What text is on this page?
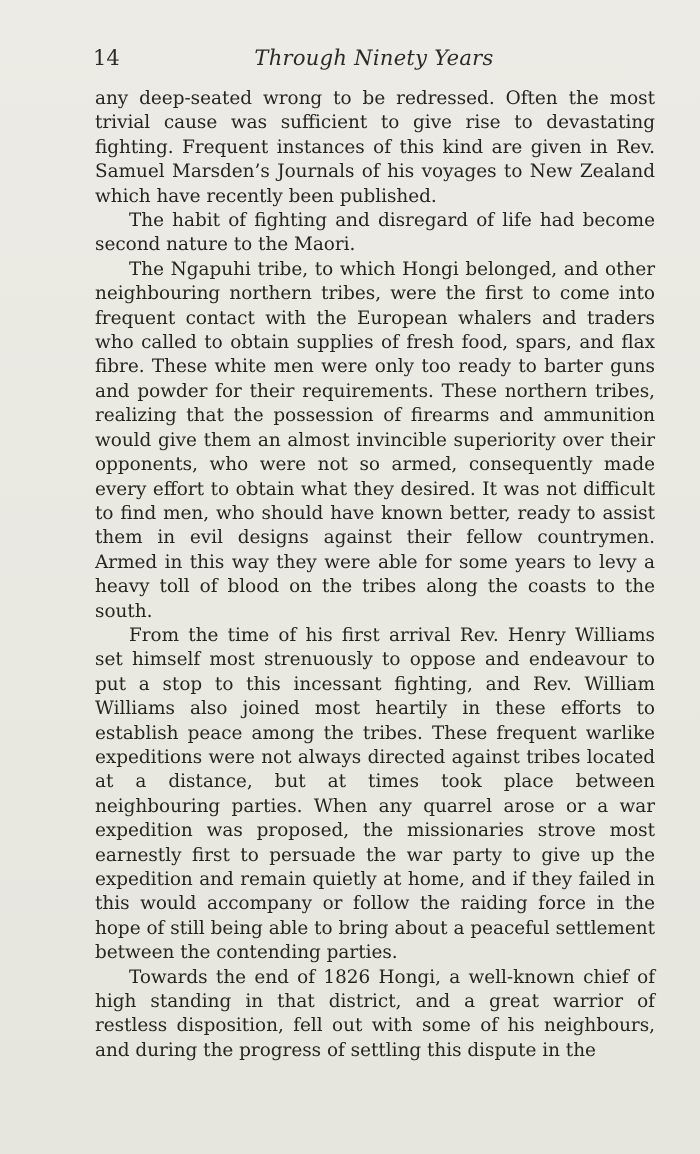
14	Through Ninety Years

any deep-seated wrong to be redressed. Often the most trivial cause was sufficient to give rise to devastating fighting. Frequent instances of this kind are given in Rev. Samuel Marsden’s Journals of his voyages to New Zealand which have recently been published.

The habit of fighting and disregard of life had become second nature to the Maori.

The Ngapuhi tribe, to which Hongi belonged, and other neighbouring northern tribes, were the first to come into frequent contact with the European whalers and traders who called to obtain supplies of fresh food, spars, and flax fibre. These white men were only too ready to barter guns and powder for their requirements. These northern tribes, realizing that the possession of firearms and ammunition would give them an almost invincible superiority over their opponents, who were not so armed, consequently made every effort to obtain what they desired. It was not difficult to find men, who should have known better, ready to assist them in evil designs against their fellow countrymen. Armed in this way they were able for some years to levy a heavy toll of blood on the tribes along the coasts to the south.

From the time of his first arrival Rev. Henry Williams set himself most strenuously to oppose and endeavour to put a stop to this incessant fighting, and Rev. William Williams also joined most heartily in these efforts to establish peace among the tribes. These frequent warlike expeditions were not always directed against tribes located at a distance, but at times took place between neighbouring parties. When any quarrel arose or a war expedition was proposed, the missionaries strove most earnestly first to persuade the war party to give up the expedition and remain quietly at home, and if they failed in this would accompany or follow the raiding force in the hope of still being able to bring about a peaceful settlement between the contending parties.

Towards the end of 1826 Hongi, a well-known chief of high standing in that district, and a great warrior of restless disposition, fell out with some of his neighbours, and during the progress of settling this dispute in the
